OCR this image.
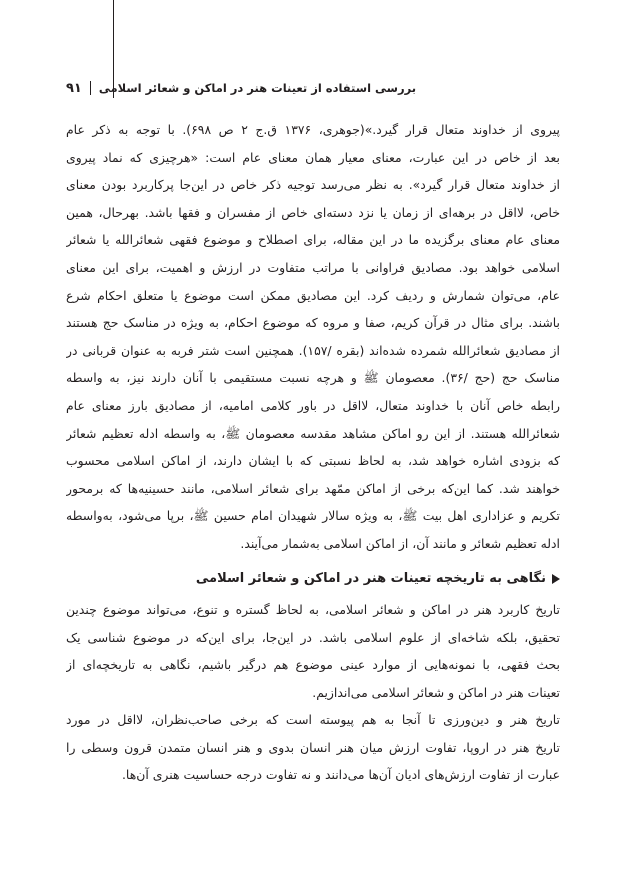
بررسی استفاده از تعینات هنر در اماکن و شعائر اسلامی
۹۱
پیروی از خداوند متعال قرار گیرد.»(جوهری، ۱۳۷۶ ق.ج ۲ ص ۶۹۸). با توجه به ذکر عام
بعد از خاص در این عبارت، معنای معیار همان معنای عام است: «هرچیزی که نماد پیروی
از خداوند متعال قرار گیرد». به نظر می‌رسد توجیه ذکر خاص در این‌جا پرکاربرد بودن معنای
خاص، لااقل در برهه‌ای از زمان یا نزد دسته‌ای خاص از مفسران و فقها باشد. بهرحال، همین
معنای عام معنای برگزیده ما در این مقاله، برای اصطلاح و موضوع فقهی شعائرالله یا شعائر
اسلامی خواهد بود. مصادیق فراوانی با مراتب متفاوت در ارزش و اهمیت، برای این معنای
عام، می‌توان شمارش و ردیف کرد. این مصادیق ممکن است موضوع یا متعلق احکام شرع
باشند. برای مثال در قرآن کریم، صفا و مروه که موضوع احکام، به ویژه در مناسک حج هستند
از مصادیق شعائرالله شمرده شده‌اند (بقره /۱۵۷). همچنین است شتر فربه به عنوان قربانی در
مناسک حج (حج /۳۶). معصومان ﷺ و هرچه نسبت مستقیمی با آنان دارند نیز، به واسطه
رابطه خاص آنان با خداوند متعال، لااقل در باور کلامی امامیه، از مصادیق بارز معنای عام
شعائرالله هستند. از این رو اماکن مشاهد مقدسه معصومان ﷺ، به واسطه ادله تعظیم شعائر
که بزودی اشاره خواهد شد، به لحاظ نسبتی که با ایشان دارند، از اماکن اسلامی محسوب
خواهند شد. کما این‌که برخی از اماکن ممّهد برای شعائر اسلامی، مانند حسینیه‌ها که برمحور
تکریم و عزاداری اهل بیت ﷺ، به ویژه سالار شهیدان امام حسین ﷺ، برپا می‌شود، به‌واسطه
ادله تعظیم شعائر و مانند آن، از اماکن اسلامی به‌شمار می‌آیند.
نگاهی به تاریخچه تعینات هنر در اماکن و شعائر اسلامی
تاریخ کاربرد هنر در اماکن و شعائر اسلامی، به لحاظ گستره و تنوع، می‌تواند موضوع چندین
تحقیق، بلکه شاخه‌ای از علوم اسلامی باشد. در این‌جا، برای این‌که در موضوع شناسی یک
بحث فقهی، با نمونه‌هایی از موارد عینی موضوع هم درگیر باشیم، نگاهی به تاریخچه‌ای از
تعینات هنر در اماکن و شعائر اسلامی می‌اندازیم.
تاریخ هنر و دین‌ورزی تا آنجا به هم پیوسته است که برخی صاحب‌نظران، لااقل در مورد
تاریخ هنر در اروپا، تفاوت ارزش میان هنر انسان بدوی و هنر انسان متمدن قرون وسطی را
عبارت از تفاوت ارزش‌های ادیان آن‌ها می‌دانند و نه تفاوت درجه حساسیت هنری آن‌ها.
